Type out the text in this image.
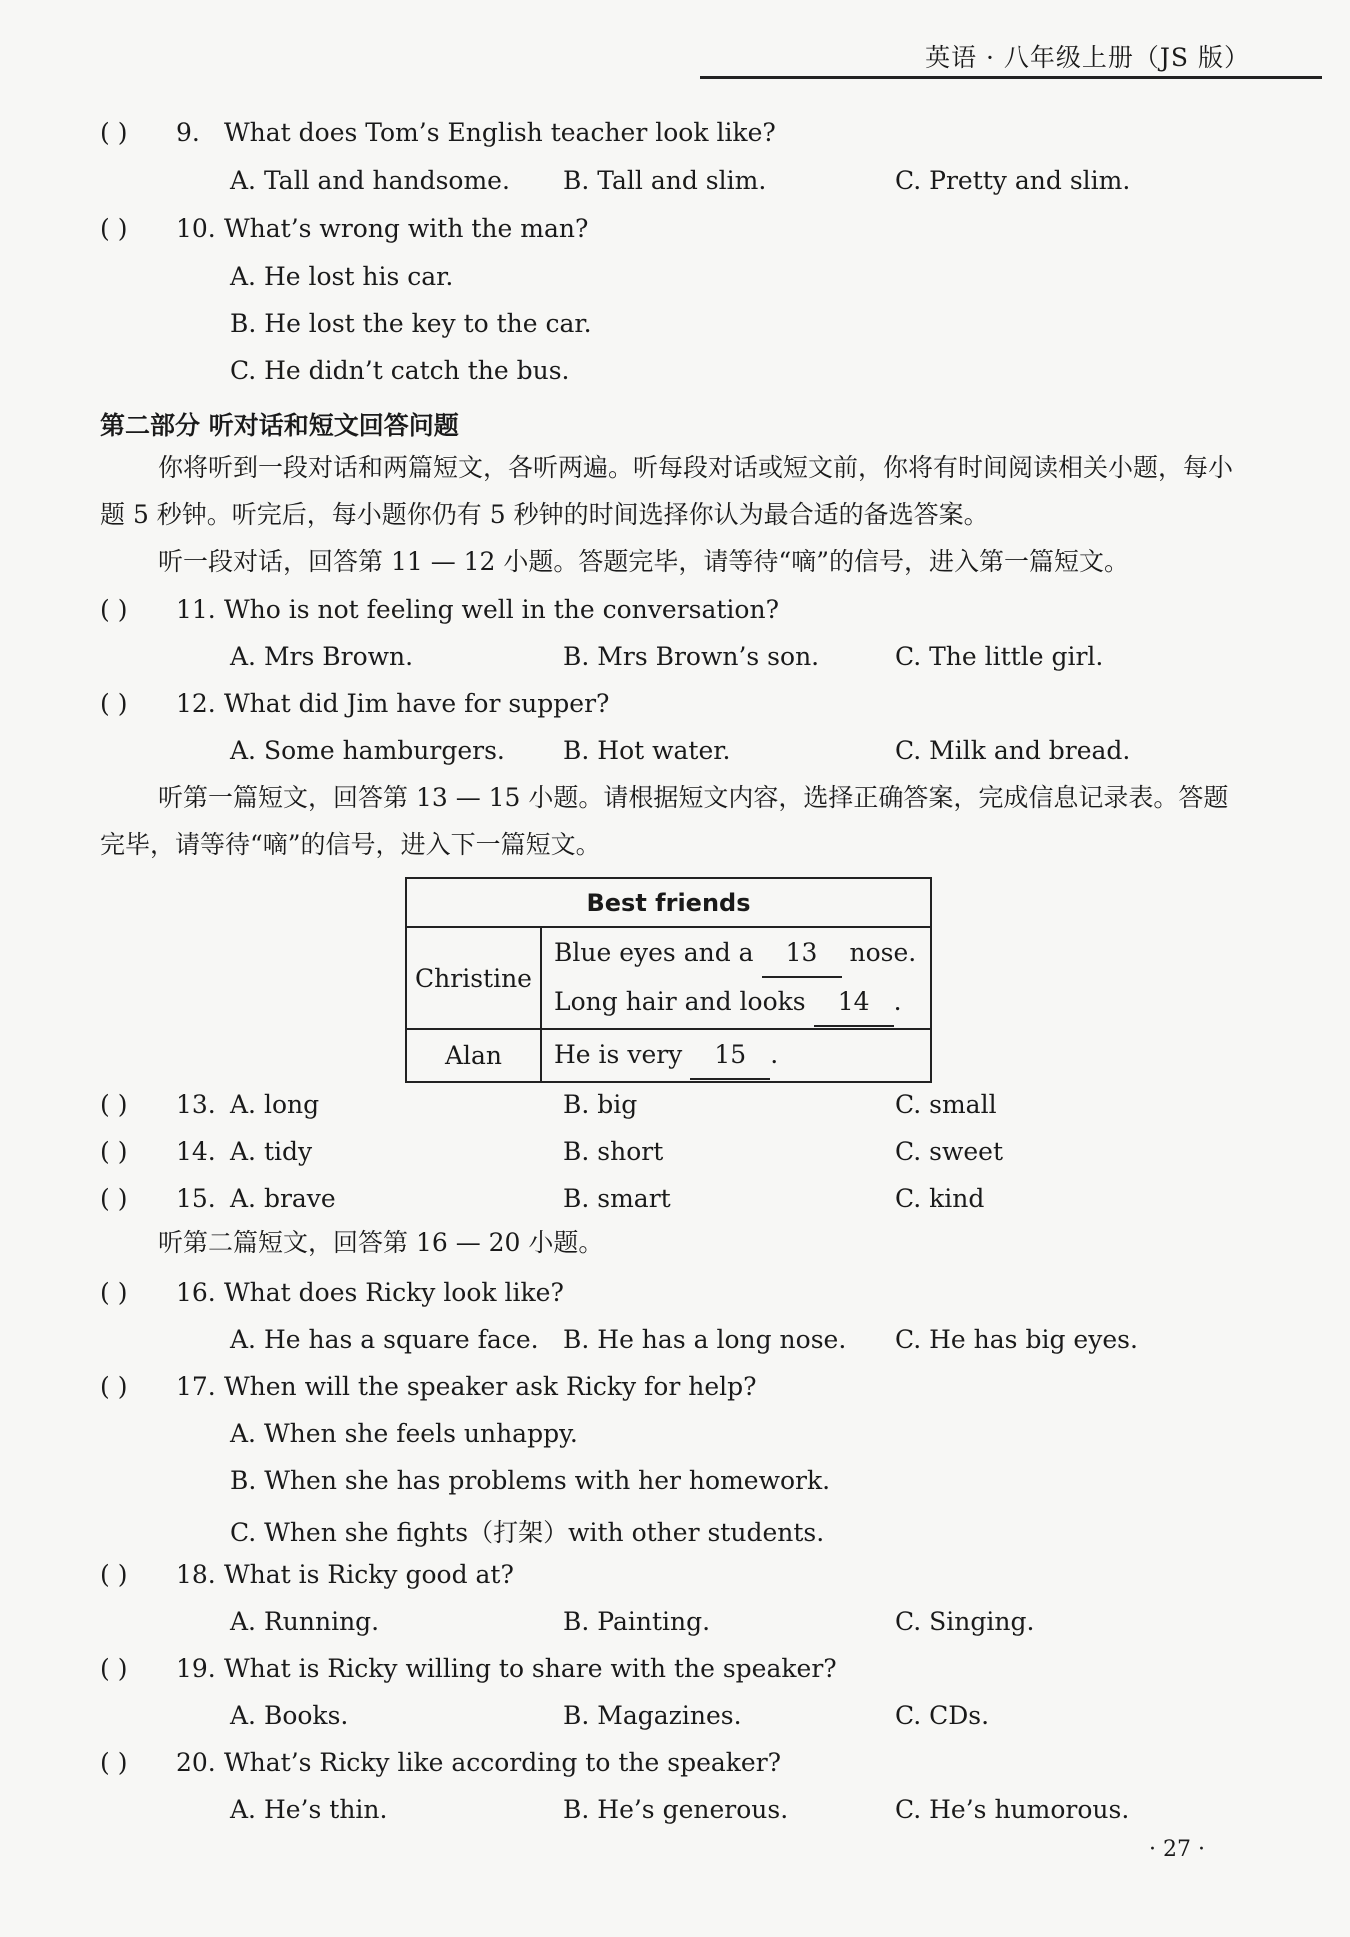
英语 · 八年级上册（JS 版）
( ) 9. What does Tom’s English teacher look like?
A. Tall and handsome. B. Tall and slim.	C. Pretty and slim.
( ) 10. What’s wrong with the man?
A. He lost his car.
B. He lost the key to the car.
C. He didn’t catch the bus.
第二部分 听对话和短文回答问题
你将听到一段对话和两篇短文，各听两遍。听每段对话或短文前，你将有时间阅读相关小题，每小题 5 秒钟。听完后，每小题你仍有 5 秒钟的时间选择你认为最合适的备选答案。
听一段对话，回答第 11 — 12 小题。答题完毕，请等待“嘀”的信号，进入第一篇短文。
( ) 11. Who is not feeling well in the conversation?
A. Mrs Brown.	B. Mrs Brown’s son.	C. The little girl.
( ) 12. What did Jim have for supper?
A. Some hamburgers. B. Hot water.	C. Milk and bread.
听第一篇短文，回答第 13 — 15 小题。请根据短文内容，选择正确答案，完成信息记录表。答题完毕，请等待“嘀”的信号，进入下一篇短文。
Best friends	
Christine	Blue eyes and a 13 nose.
Long hair and looks 14 .

Alan	He is very 15 .
( ) 13. A. long	B. big	C. small
( ) 14. A. tidy	B. short	C. sweet
( ) 15. A. brave	B. smart	C. kind
听第二篇短文，回答第 16 — 20 小题。
( ) 16. What does Ricky look like?
A. He has a square face. B. He has a long nose. C. He has big eyes.
( ) 17. When will the speaker ask Ricky for help?
A. When she feels unhappy.
B. When she has problems with her homework.
C. When she fights（打架）with other students.
( ) 18. What is Ricky good at?
A. Running.	B. Painting.	C. Singing.
( ) 19. What is Ricky willing to share with the speaker?
A. Books.	B. Magazines.	C. CDs.
( ) 20. What’s Ricky like according to the speaker?
A. He’s thin.	B. He’s generous.	C. He’s humorous.
· 27 ·
